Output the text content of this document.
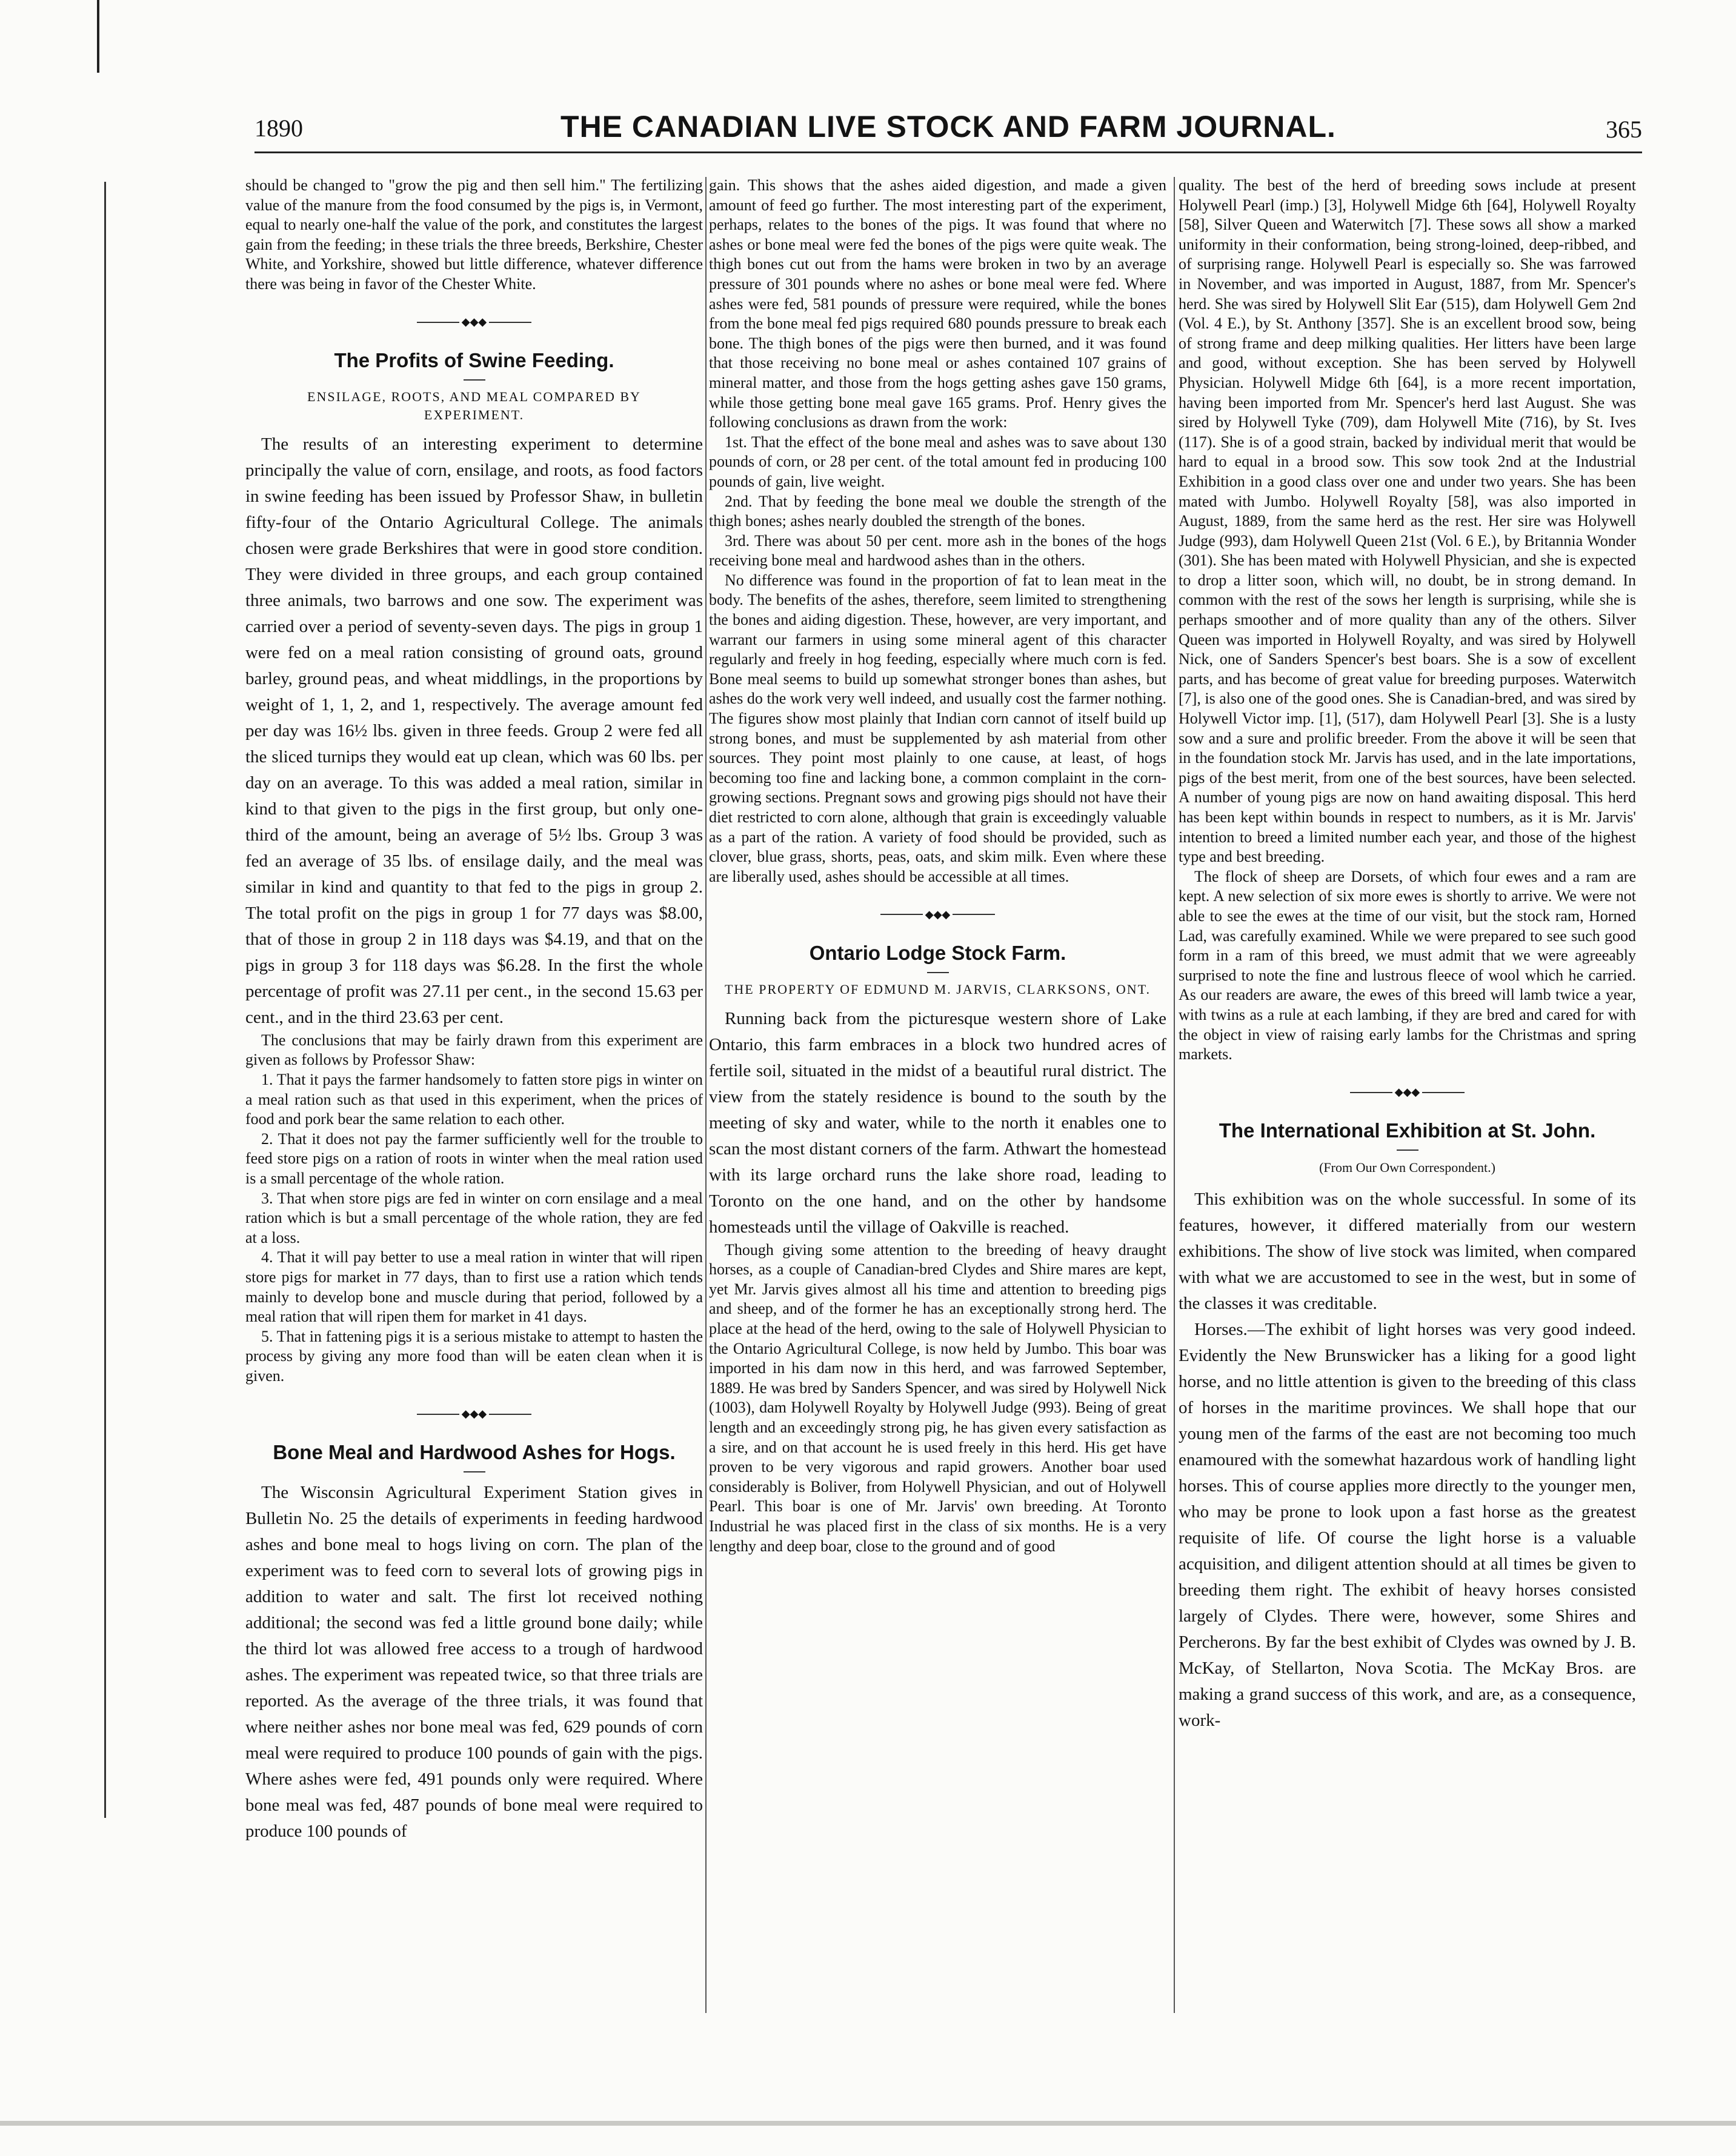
1890	THE CANADIAN LIVE STOCK AND FARM JOURNAL.	365

should be changed to "grow the pig and then sell him." The fertilizing value of the manure from the food consumed by the pigs is, in Vermont, equal to nearly one-half the value of the pork, and constitutes the largest gain from the feeding; in these trials the three breeds, Berkshire, Chester White, and Yorkshire, showed but little difference, whatever difference there was being in favor of the Chester White.

◆◆◆
The Profits of Swine Feeding.
ENSILAGE, ROOTS, AND MEAL COMPARED BY EXPERIMENT.

The results of an interesting experiment to determine principally the value of corn, ensilage, and roots, as food factors in swine feeding has been issued by Professor Shaw, in bulletin fifty-four of the Ontario Agricultural College. The animals chosen were grade Berkshires that were in good store condition. They were divided in three groups, and each group contained three animals, two barrows and one sow. The experiment was carried over a period of seventy-seven days. The pigs in group 1 were fed on a meal ration consisting of ground oats, ground barley, ground peas, and wheat middlings, in the proportions by weight of 1, 1, 2, and 1, respectively. The average amount fed per day was 16½ lbs. given in three feeds. Group 2 were fed all the sliced turnips they would eat up clean, which was 60 lbs. per day on an average. To this was added a meal ration, similar in kind to that given to the pigs in the first group, but only one-third of the amount, being an average of 5½ lbs. Group 3 was fed an average of 35 lbs. of ensilage daily, and the meal was similar in kind and quantity to that fed to the pigs in group 2. The total profit on the pigs in group 1 for 77 days was $8.00, that of those in group 2 in 118 days was $4.19, and that on the pigs in group 3 for 118 days was $6.28. In the first the whole percentage of profit was 27.11 per cent., in the second 15.63 per cent., and in the third 23.63 per cent.

The conclusions that may be fairly drawn from this experiment are given as follows by Professor Shaw:

1. That it pays the farmer handsomely to fatten store pigs in winter on a meal ration such as that used in this experiment, when the prices of food and pork bear the same relation to each other.

2. That it does not pay the farmer sufficiently well for the trouble to feed store pigs on a ration of roots in winter when the meal ration used is a small percentage of the whole ration.

3. That when store pigs are fed in winter on corn ensilage and a meal ration which is but a small percentage of the whole ration, they are fed at a loss.

4. That it will pay better to use a meal ration in winter that will ripen store pigs for market in 77 days, than to first use a ration which tends mainly to develop bone and muscle during that period, followed by a meal ration that will ripen them for market in 41 days.

5. That in fattening pigs it is a serious mistake to attempt to hasten the process by giving any more food than will be eaten clean when it is given.

◆◆◆
Bone Meal and Hardwood Ashes for Hogs.

The Wisconsin Agricultural Experiment Station gives in Bulletin No. 25 the details of experiments in feeding hardwood ashes and bone meal to hogs living on corn. The plan of the experiment was to feed corn to several lots of growing pigs in addition to water and salt. The first lot received nothing additional; the second was fed a little ground bone daily; while the third lot was allowed free access to a trough of hardwood ashes. The experiment was repeated twice, so that three trials are reported. As the average of the three trials, it was found that where neither ashes nor bone meal was fed, 629 pounds of corn meal were required to produce 100 pounds of gain with the pigs. Where ashes were fed, 491 pounds only were required. Where bone meal was fed, 487 pounds of bone meal were required to produce 100 pounds of

gain. This shows that the ashes aided digestion, and made a given amount of feed go further. The most interesting part of the experiment, perhaps, relates to the bones of the pigs. It was found that where no ashes or bone meal were fed the bones of the pigs were quite weak. The thigh bones cut out from the hams were broken in two by an average pressure of 301 pounds where no ashes or bone meal were fed. Where ashes were fed, 581 pounds of pressure were required, while the bones from the bone meal fed pigs required 680 pounds pressure to break each bone. The thigh bones of the pigs were then burned, and it was found that those receiving no bone meal or ashes contained 107 grains of mineral matter, and those from the hogs getting ashes gave 150 grams, while those getting bone meal gave 165 grams. Prof. Henry gives the following conclusions as drawn from the work:

1st. That the effect of the bone meal and ashes was to save about 130 pounds of corn, or 28 per cent. of the total amount fed in producing 100 pounds of gain, live weight.

2nd. That by feeding the bone meal we double the strength of the thigh bones; ashes nearly doubled the strength of the bones.

3rd. There was about 50 per cent. more ash in the bones of the hogs receiving bone meal and hardwood ashes than in the others.

No difference was found in the proportion of fat to lean meat in the body. The benefits of the ashes, therefore, seem limited to strengthening the bones and aiding digestion. These, however, are very important, and warrant our farmers in using some mineral agent of this character regularly and freely in hog feeding, especially where much corn is fed. Bone meal seems to build up somewhat stronger bones than ashes, but ashes do the work very well indeed, and usually cost the farmer nothing. The figures show most plainly that Indian corn cannot of itself build up strong bones, and must be supplemented by ash material from other sources. They point most plainly to one cause, at least, of hogs becoming too fine and lacking bone, a common complaint in the corn-growing sections. Pregnant sows and growing pigs should not have their diet restricted to corn alone, although that grain is exceedingly valuable as a part of the ration. A variety of food should be provided, such as clover, blue grass, shorts, peas, oats, and skim milk. Even where these are liberally used, ashes should be accessible at all times.

◆◆◆
Ontario Lodge Stock Farm.
THE PROPERTY OF EDMUND M. JARVIS, CLARKSONS, ONT.

Running back from the picturesque western shore of Lake Ontario, this farm embraces in a block two hundred acres of fertile soil, situated in the midst of a beautiful rural district. The view from the stately residence is bound to the south by the meeting of sky and water, while to the north it enables one to scan the most distant corners of the farm. Athwart the homestead with its large orchard runs the lake shore road, leading to Toronto on the one hand, and on the other by handsome homesteads until the village of Oakville is reached.

Though giving some attention to the breeding of heavy draught horses, as a couple of Canadian-bred Clydes and Shire mares are kept, yet Mr. Jarvis gives almost all his time and attention to breeding pigs and sheep, and of the former he has an exceptionally strong herd. The place at the head of the herd, owing to the sale of Holywell Physician to the Ontario Agricultural College, is now held by Jumbo. This boar was imported in his dam now in this herd, and was farrowed September, 1889. He was bred by Sanders Spencer, and was sired by Holywell Nick (1003), dam Holywell Royalty by Holywell Judge (993). Being of great length and an exceedingly strong pig, he has given every satisfaction as a sire, and on that account he is used freely in this herd. His get have proven to be very vigorous and rapid growers. Another boar used considerably is Boliver, from Holywell Physician, and out of Holywell Pearl. This boar is one of Mr. Jarvis' own breeding. At Toronto Industrial he was placed first in the class of six months. He is a very lengthy and deep boar, close to the ground and of good

quality. The best of the herd of breeding sows include at present Holywell Pearl (imp.) [3], Holywell Midge 6th [64], Holywell Royalty [58], Silver Queen and Waterwitch [7]. These sows all show a marked uniformity in their conformation, being strong-loined, deep-ribbed, and of surprising range. Holywell Pearl is especially so. She was farrowed in November, and was imported in August, 1887, from Mr. Spencer's herd. She was sired by Holywell Slit Ear (515), dam Holywell Gem 2nd (Vol. 4 E.), by St. Anthony [357]. She is an excellent brood sow, being of strong frame and deep milking qualities. Her litters have been large and good, without exception. She has been served by Holywell Physician. Holywell Midge 6th [64], is a more recent importation, having been imported from Mr. Spencer's herd last August. She was sired by Holywell Tyke (709), dam Holywell Mite (716), by St. Ives (117). She is of a good strain, backed by individual merit that would be hard to equal in a brood sow. This sow took 2nd at the Industrial Exhibition in a good class over one and under two years. She has been mated with Jumbo. Holywell Royalty [58], was also imported in August, 1889, from the same herd as the rest. Her sire was Holywell Judge (993), dam Holywell Queen 21st (Vol. 6 E.), by Britannia Wonder (301). She has been mated with Holywell Physician, and she is expected to drop a litter soon, which will, no doubt, be in strong demand. In common with the rest of the sows her length is surprising, while she is perhaps smoother and of more quality than any of the others. Silver Queen was imported in Holywell Royalty, and was sired by Holywell Nick, one of Sanders Spencer's best boars. She is a sow of excellent parts, and has become of great value for breeding purposes. Waterwitch [7], is also one of the good ones. She is Canadian-bred, and was sired by Holywell Victor imp. [1], (517), dam Holywell Pearl [3]. She is a lusty sow and a sure and prolific breeder. From the above it will be seen that in the foundation stock Mr. Jarvis has used, and in the late importations, pigs of the best merit, from one of the best sources, have been selected. A number of young pigs are now on hand awaiting disposal. This herd has been kept within bounds in respect to numbers, as it is Mr. Jarvis' intention to breed a limited number each year, and those of the highest type and best breeding.

The flock of sheep are Dorsets, of which four ewes and a ram are kept. A new selection of six more ewes is shortly to arrive. We were not able to see the ewes at the time of our visit, but the stock ram, Horned Lad, was carefully examined. While we were prepared to see such good form in a ram of this breed, we must admit that we were agreeably surprised to note the fine and lustrous fleece of wool which he carried. As our readers are aware, the ewes of this breed will lamb twice a year, with twins as a rule at each lambing, if they are bred and cared for with the object in view of raising early lambs for the Christmas and spring markets.

◆◆◆
The International Exhibition at St. John.
(From Our Own Correspondent.)

This exhibition was on the whole successful. In some of its features, however, it differed materially from our western exhibitions. The show of live stock was limited, when compared with what we are accustomed to see in the west, but in some of the classes it was creditable.

Horses.—The exhibit of light horses was very good indeed. Evidently the New Brunswicker has a liking for a good light horse, and no little attention is given to the breeding of this class of horses in the maritime provinces. We shall hope that our young men of the farms of the east are not becoming too much enamoured with the somewhat hazardous work of handling light horses. This of course applies more directly to the younger men, who may be prone to look upon a fast horse as the greatest requisite of life. Of course the light horse is a valuable acquisition, and diligent attention should at all times be given to breeding them right. The exhibit of heavy horses consisted largely of Clydes. There were, however, some Shires and Percherons. By far the best exhibit of Clydes was owned by J. B. McKay, of Stellarton, Nova Scotia. The McKay Bros. are making a grand success of this work, and are, as a consequence, work-
